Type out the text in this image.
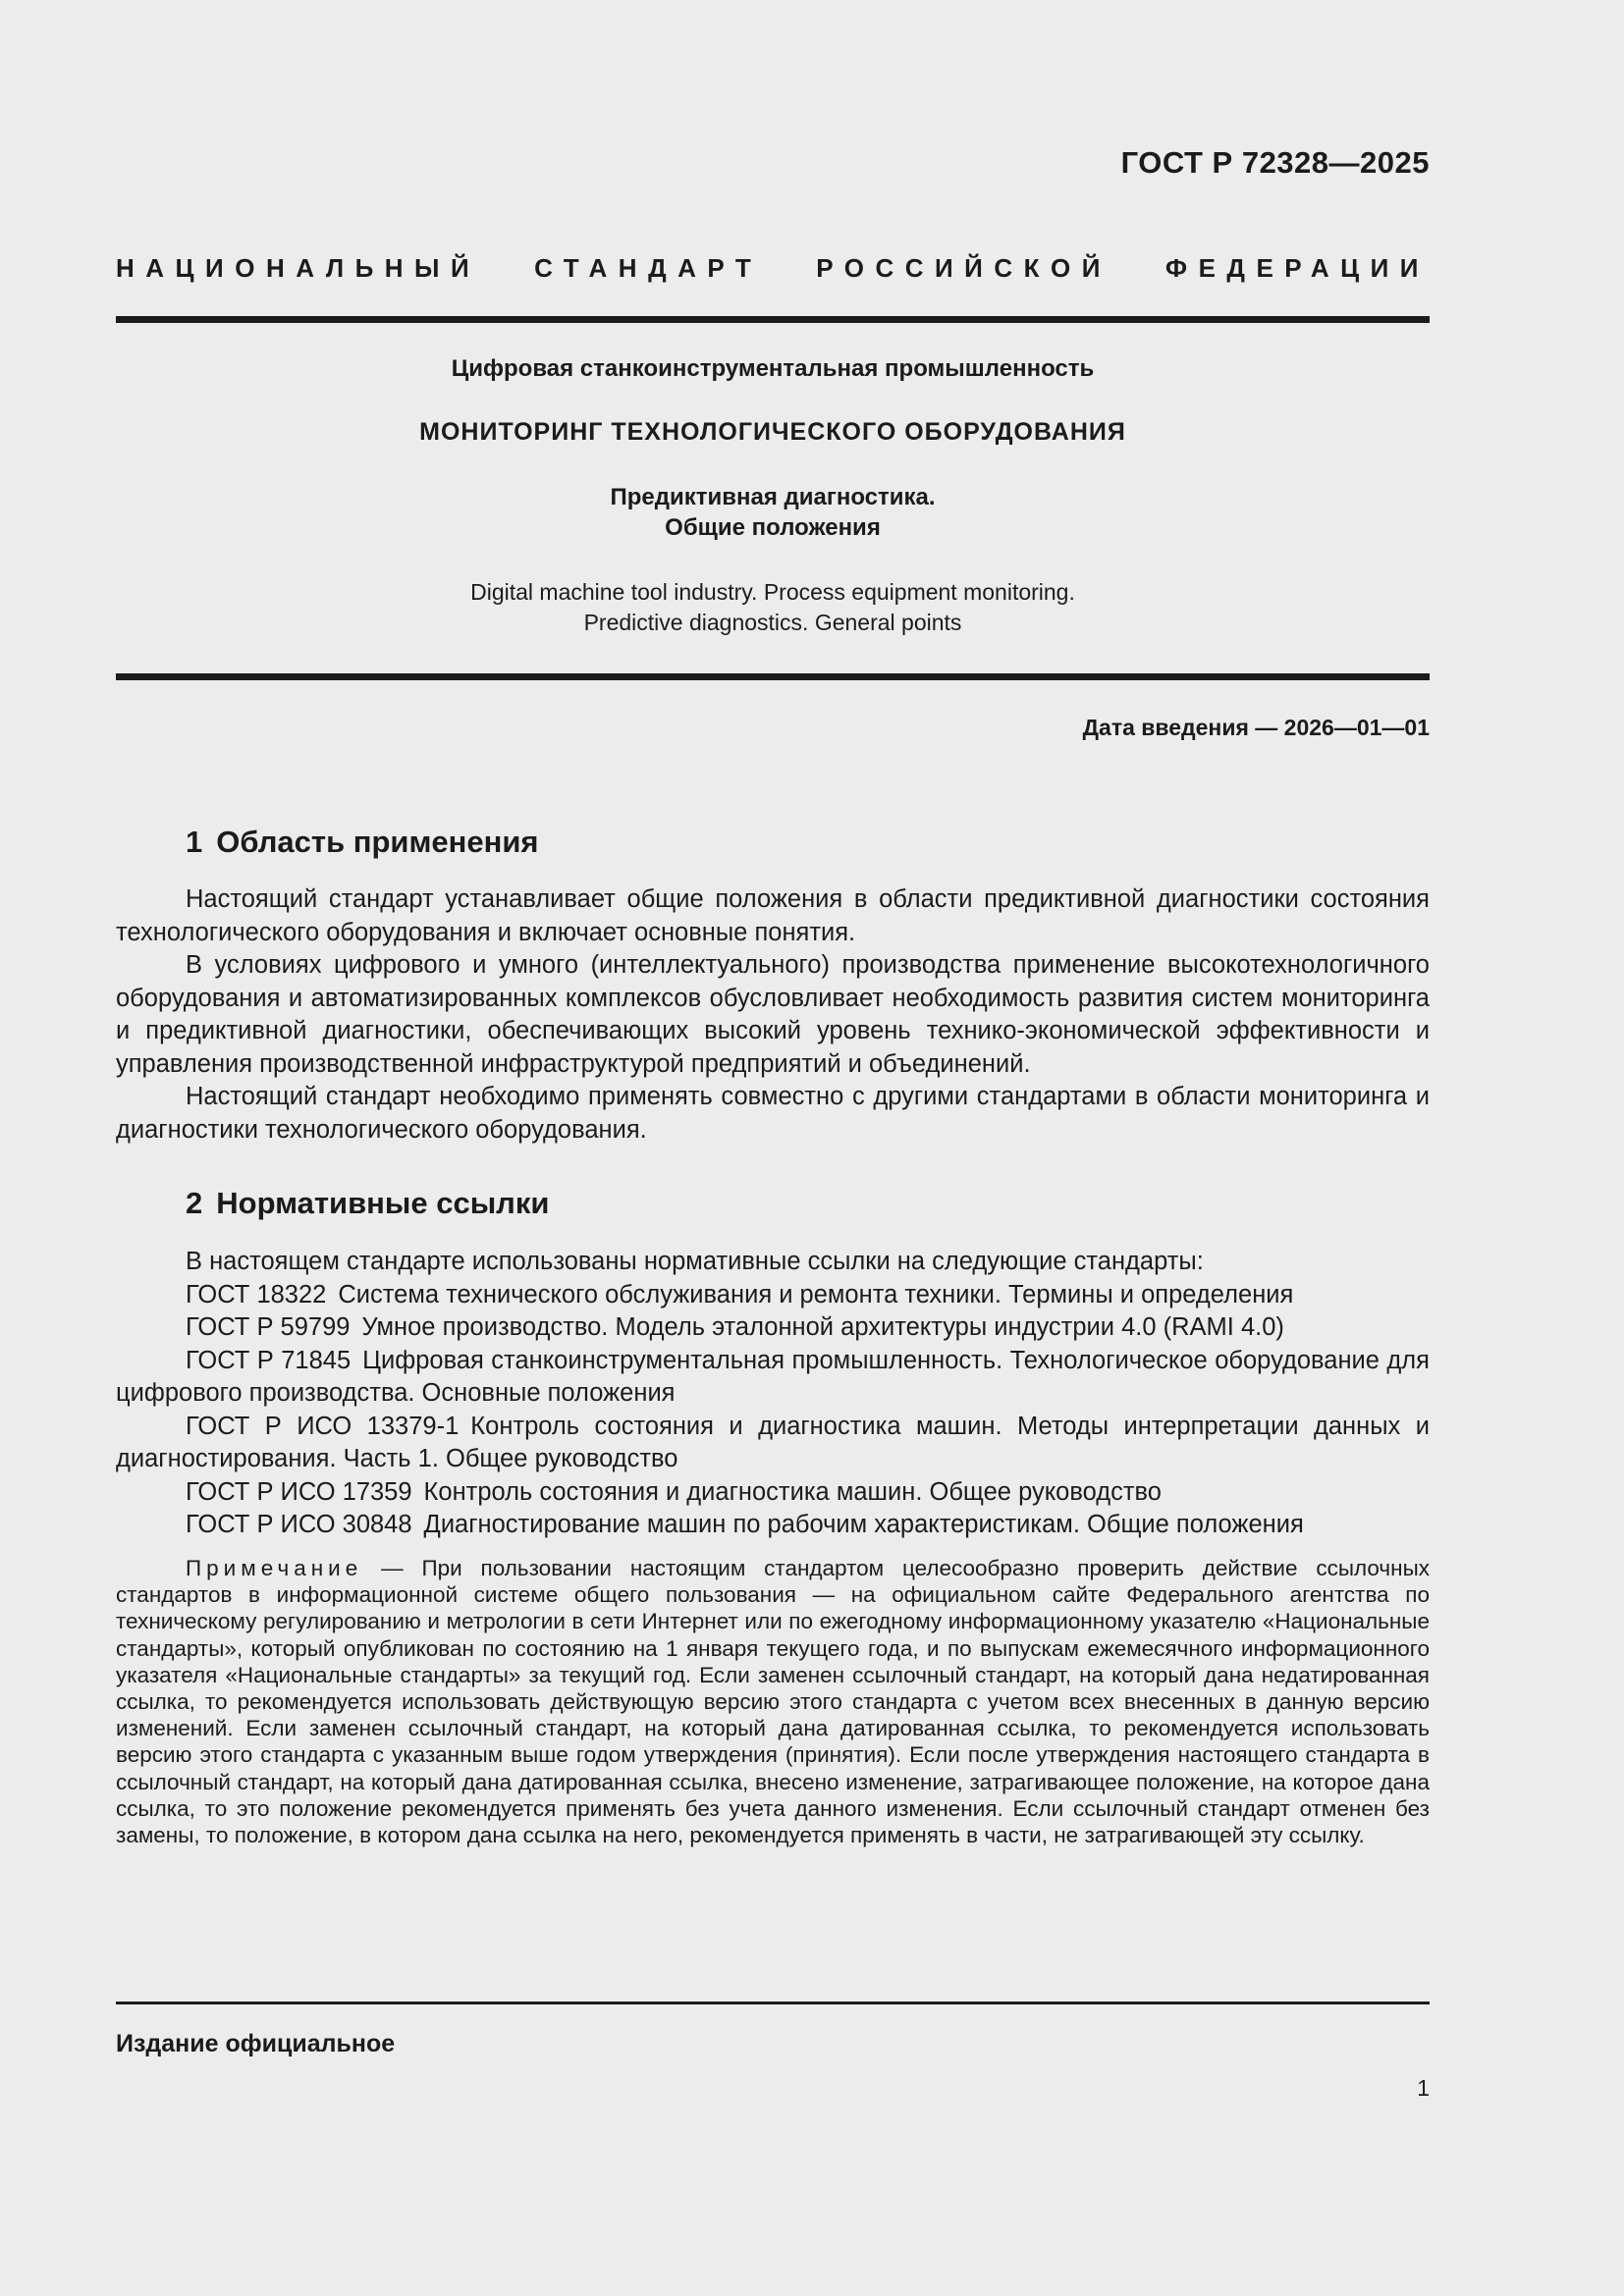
ГОСТ Р 72328—2025
НАЦИОНАЛЬНЫЙ СТАНДАРТ РОССИЙСКОЙ ФЕДЕРАЦИИ
Цифровая станкоинструментальная промышленность
МОНИТОРИНГ ТЕХНОЛОГИЧЕСКОГО ОБОРУДОВАНИЯ
Предиктивная диагностика.
Общие положения
Digital machine tool industry. Process equipment monitoring.
Predictive diagnostics. General points
Дата введения — 2026—01—01
1 Область применения

Настоящий стандарт устанавливает общие положения в области предиктивной диагностики состояния технологического оборудования и включает основные понятия.

В условиях цифрового и умного (интеллектуального) производства применение высокотехнологичного оборудования и автоматизированных комплексов обусловливает необходимость развития систем мониторинга и предиктивной диагностики, обеспечивающих высокий уровень технико-экономической эффективности и управления производственной инфраструктурой предприятий и объединений.

Настоящий стандарт необходимо применять совместно с другими стандартами в области мониторинга и диагностики технологического оборудования.

2 Нормативные ссылки

В настоящем стандарте использованы нормативные ссылки на следующие стандарты:

ГОСТ 18322 Система технического обслуживания и ремонта техники. Термины и определения

ГОСТ Р 59799 Умное производство. Модель эталонной архитектуры индустрии 4.0 (RAMI 4.0)

ГОСТ Р 71845 Цифровая станкоинструментальная промышленность. Технологическое оборудование для цифрового производства. Основные положения

ГОСТ Р ИСО 13379-1 Контроль состояния и диагностика машин. Методы интерпретации данных и диагностирования. Часть 1. Общее руководство

ГОСТ Р ИСО 17359 Контроль состояния и диагностика машин. Общее руководство

ГОСТ Р ИСО 30848 Диагностирование машин по рабочим характеристикам. Общие положения

Примечание — При пользовании настоящим стандартом целесообразно проверить действие ссылочных стандартов в информационной системе общего пользования — на официальном сайте Федерального агентства по техническому регулированию и метрологии в сети Интернет или по ежегодному информационному указателю «Национальные стандарты», который опубликован по состоянию на 1 января текущего года, и по выпускам ежемесячного информационного указателя «Национальные стандарты» за текущий год. Если заменен ссылочный стандарт, на который дана недатированная ссылка, то рекомендуется использовать действующую версию этого стандарта с учетом всех внесенных в данную версию изменений. Если заменен ссылочный стандарт, на который дана датированная ссылка, то рекомендуется использовать версию этого стандарта с указанным выше годом утверждения (принятия). Если после утверждения настоящего стандарта в ссылочный стандарт, на который дана датированная ссылка, внесено изменение, затрагивающее положение, на которое дана ссылка, то это положение рекомендуется применять без учета данного изменения. Если ссылочный стандарт отменен без замены, то положение, в котором дана ссылка на него, рекомендуется применять в части, не затрагивающей эту ссылку.
Издание официальное
1
